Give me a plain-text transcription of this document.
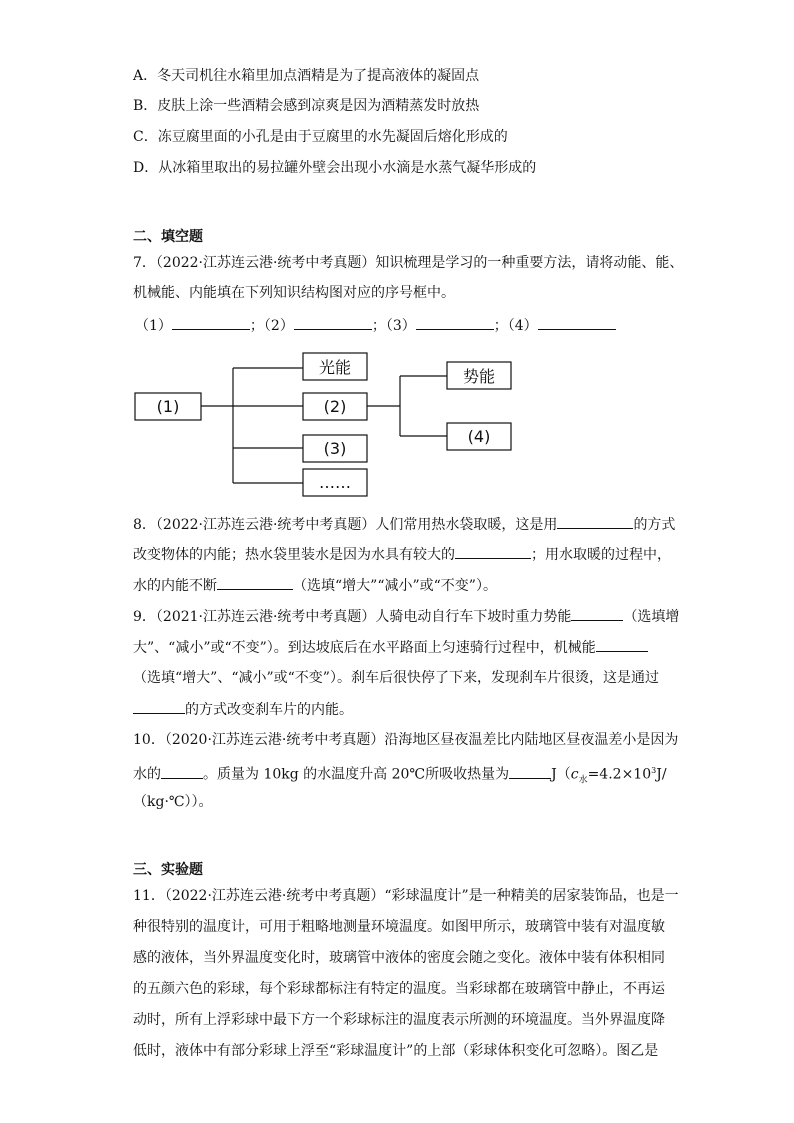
A．冬天司机往水箱里加点酒精是为了提高液体的凝固点
B．皮肤上涂一些酒精会感到凉爽是因为酒精蒸发时放热
C．冻豆腐里面的小孔是由于豆腐里的水先凝固后熔化形成的
D．从冰箱里取出的易拉罐外壁会出现小水滴是水蒸气凝华形成的
二、填空题
7．（2022·江苏连云港·统考中考真题）知识梳理是学习的一种重要方法，请将动能、能、
机械能、内能填在下列知识结构图对应的序号框中。
（1）	；（2）	；（3）	；（4）
(1)
光能
(2)
(3)
……
势能
(4)
8．（2022·江苏连云港·统考中考真题）人们常用热水袋取暖，这是用	的方式
改变物体的内能；热水袋里装水是因为水具有较大的	；用水取暖的过程中，
水的内能不断	（选填“增大”“减小”或“不变”）。
9．（2021·江苏连云港·统考中考真题）人骑电动自行车下坡时重力势能	（选填增
大”、“减小”或“不变”）。到达坡底后在水平路面上匀速骑行过程中，机械能
（选填“增大”、“减小”或“不变”）。刹车后很快停了下来，发现刹车片很烫，这是通过
的方式改变刹车片的内能。
10．（2020·江苏连云港·统考中考真题）沿海地区昼夜温差比内陆地区昼夜温差小是因为
水的	。质量为 10kg 的水温度升高 20℃所吸收热量为	$J(c_水=4.2\times 10^3J/$
（kg·℃））。
三、实验题
11．（2022·江苏连云港·统考中考真题）“彩球温度计”是一种精美的居家装饰品，也是一
种很特别的温度计，可用于粗略地测量环境温度。如图甲所示，玻璃管中装有对温度敏
感的液体，当外界温度变化时，玻璃管中液体的密度会随之变化。液体中装有体积相同
的五颜六色的彩球，每个彩球都标注有特定的温度。当彩球都在玻璃管中静止，不再运
动时，所有上浮彩球中最下方一个彩球标注的温度表示所测的环境温度。当外界温度降
低时，液体中有部分彩球上浮至“彩球温度计”的上部（彩球体积变化可忽略）。图乙是
